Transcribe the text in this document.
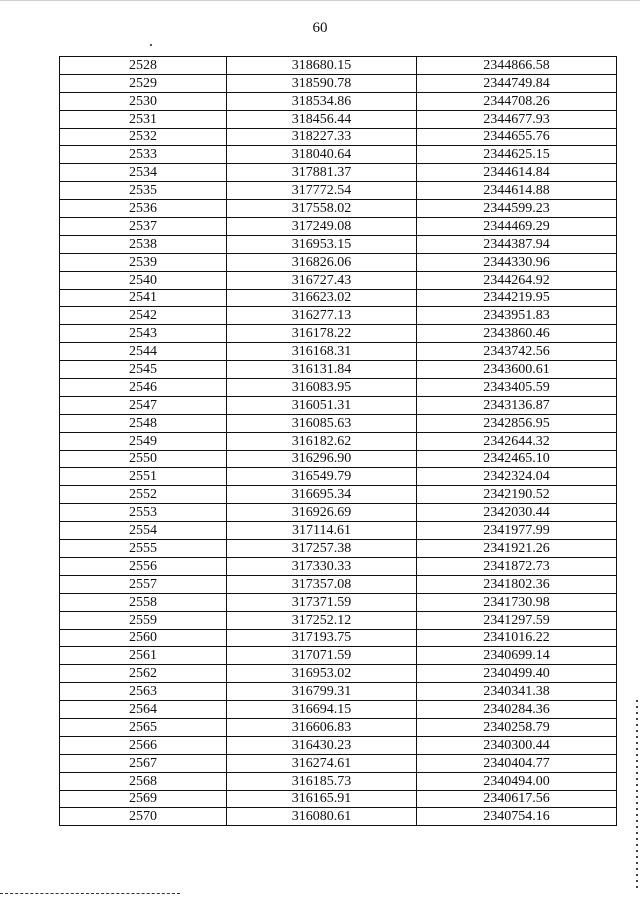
60
2528	318680.15	2344866.58
2529	318590.78	2344749.84
2530	318534.86	2344708.26
2531	318456.44	2344677.93
2532	318227.33	2344655.76
2533	318040.64	2344625.15
2534	317881.37	2344614.84
2535	317772.54	2344614.88
2536	317558.02	2344599.23
2537	317249.08	2344469.29
2538	316953.15	2344387.94
2539	316826.06	2344330.96
2540	316727.43	2344264.92
2541	316623.02	2344219.95
2542	316277.13	2343951.83
2543	316178.22	2343860.46
2544	316168.31	2343742.56
2545	316131.84	2343600.61
2546	316083.95	2343405.59
2547	316051.31	2343136.87
2548	316085.63	2342856.95
2549	316182.62	2342644.32
2550	316296.90	2342465.10
2551	316549.79	2342324.04
2552	316695.34	2342190.52
2553	316926.69	2342030.44
2554	317114.61	2341977.99
2555	317257.38	2341921.26
2556	317330.33	2341872.73
2557	317357.08	2341802.36
2558	317371.59	2341730.98
2559	317252.12	2341297.59
2560	317193.75	2341016.22
2561	317071.59	2340699.14
2562	316953.02	2340499.40
2563	316799.31	2340341.38
2564	316694.15	2340284.36
2565	316606.83	2340258.79
2566	316430.23	2340300.44
2567	316274.61	2340404.77
2568	316185.73	2340494.00
2569	316165.91	2340617.56
2570	316080.61	2340754.16
